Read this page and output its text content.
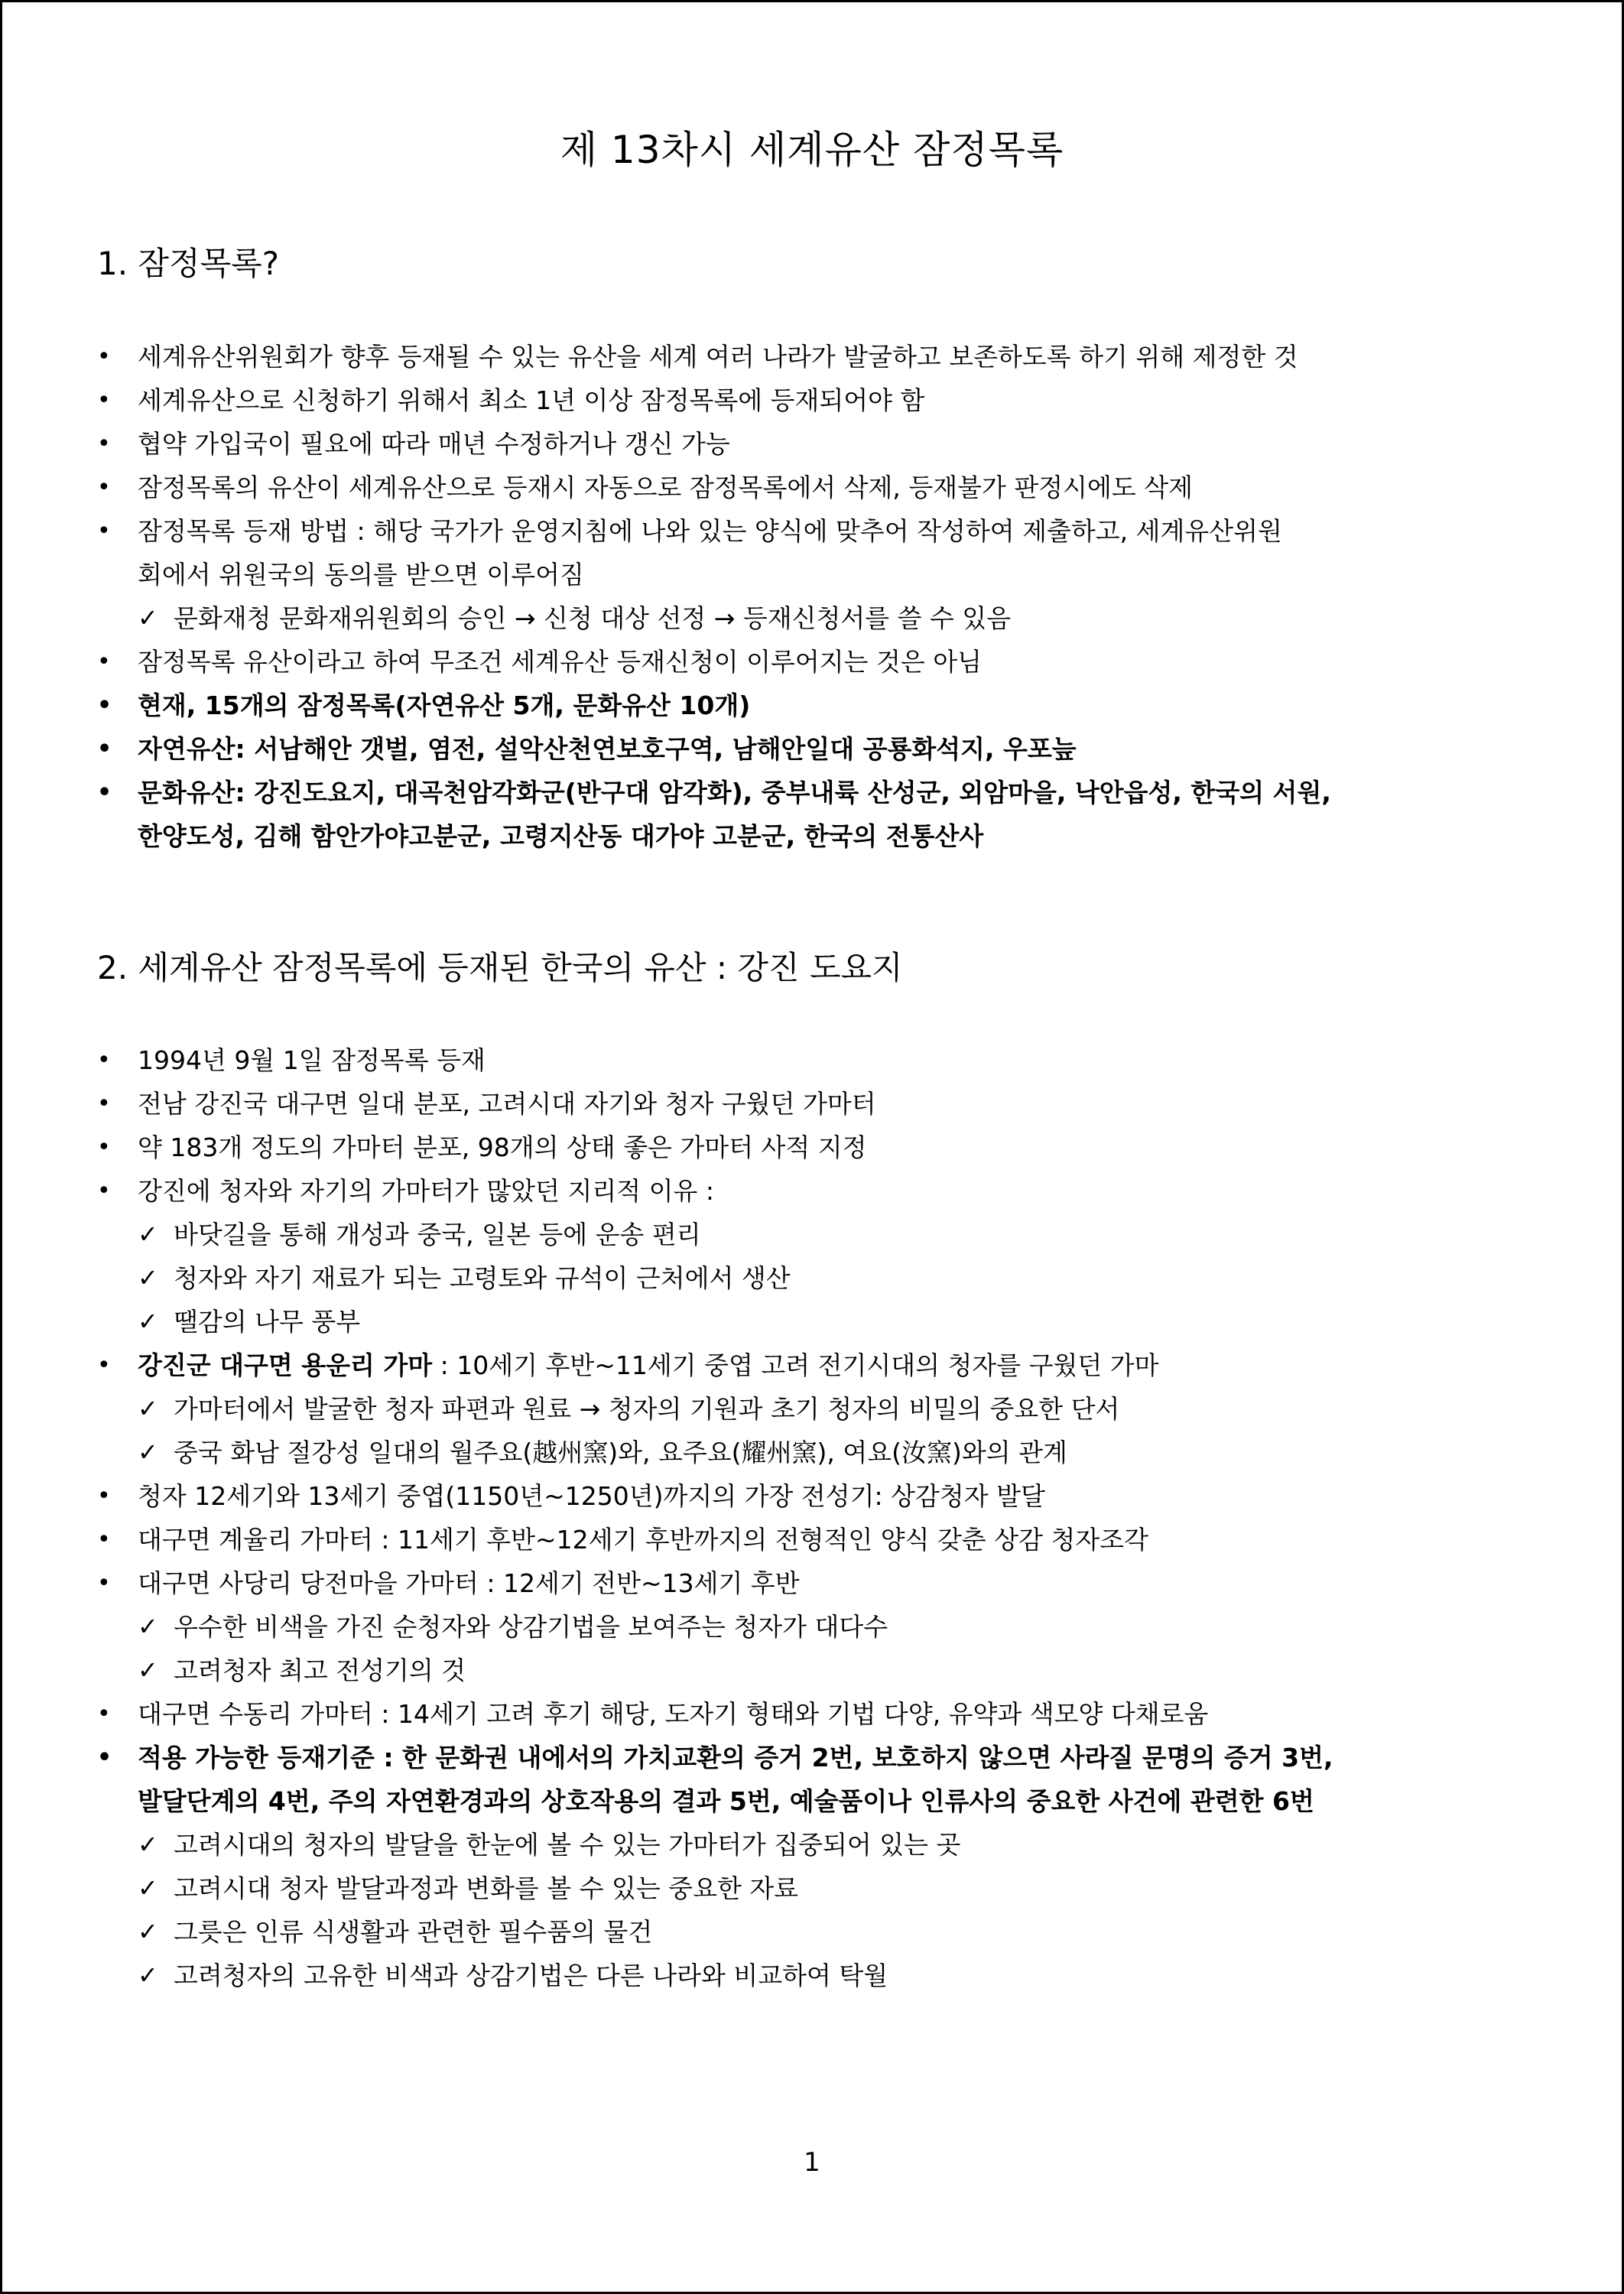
제 13차시 세계유산 잠정목록
1. 잠정목록?
•	세계유산위원회가 향후 등재될 수 있는 유산을 세계 여러 나라가 발굴하고 보존하도록 하기 위해 제정한 것
•	세계유산으로 신청하기 위해서 최소 1년 이상 잠정목록에 등재되어야 함
•	협약 가입국이 필요에 따라 매년 수정하거나 갱신 가능
•	잠정목록의 유산이 세계유산으로 등재시 자동으로 잠정목록에서 삭제, 등재불가 판정시에도 삭제
•	잠정목록 등재 방법 : 해당 국가가 운영지침에 나와 있는 양식에 맞추어 작성하여 제출하고, 세계유산위원
회에서 위원국의 동의를 받으면 이루어짐
✓ 문화재청 문화재위원회의 승인 → 신청 대상 선정 → 등재신청서를 쓸 수 있음
•	잠정목록 유산이라고 하여 무조건 세계유산 등재신청이 이루어지는 것은 아님
•	현재, 15개의 잠정목록(자연유산 5개, 문화유산 10개)
•	자연유산: 서남해안 갯벌, 염전, 설악산천연보호구역, 남해안일대 공룡화석지, 우포늪
•	문화유산: 강진도요지, 대곡천암각화군(반구대 암각화), 중부내륙 산성군, 외암마을, 낙안읍성, 한국의 서원,
한양도성, 김해 함안가야고분군, 고령지산동 대가야 고분군, 한국의 전통산사
2. 세계유산 잠정목록에 등재된 한국의 유산 : 강진 도요지
•	1994년 9월 1일 잠정목록 등재
•	전남 강진국 대구면 일대 분포, 고려시대 자기와 청자 구웠던 가마터
•	약 183개 정도의 가마터 분포, 98개의 상태 좋은 가마터 사적 지정
•	강진에 청자와 자기의 가마터가 많았던 지리적 이유 :
✓ 바닷길을 통해 개성과 중국, 일본 등에 운송 편리
✓ 청자와 자기 재료가 되는 고령토와 규석이 근처에서 생산
✓ 땔감의 나무 풍부
•	강진군 대구면 용운리 가마 : 10세기 후반~11세기 중엽 고려 전기시대의 청자를 구웠던 가마
✓ 가마터에서 발굴한 청자 파편과 원료 → 청자의 기원과 초기 청자의 비밀의 중요한 단서
✓ 중국 화남 절강성 일대의 월주요(越州窯)와, 요주요(耀州窯), 여요(汝窯)와의 관계
•	청자 12세기와 13세기 중엽(1150년~1250년)까지의 가장 전성기: 상감청자 발달
•	대구면 계율리 가마터 : 11세기 후반~12세기 후반까지의 전형적인 양식 갖춘 상감 청자조각
•	대구면 사당리 당전마을 가마터 : 12세기 전반~13세기 후반
✓ 우수한 비색을 가진 순청자와 상감기법을 보여주는 청자가 대다수
✓ 고려청자 최고 전성기의 것
•	대구면 수동리 가마터 : 14세기 고려 후기 해당, 도자기 형태와 기법 다양, 유약과 색모양 다채로움
•	적용 가능한 등재기준 : 한 문화권 내에서의 가치교환의 증거 2번, 보호하지 않으면 사라질 문명의 증거 3번,
발달단계의 4번, 주의 자연환경과의 상호작용의 결과 5번, 예술품이나 인류사의 중요한 사건에 관련한 6번
✓ 고려시대의 청자의 발달을 한눈에 볼 수 있는 가마터가 집중되어 있는 곳
✓ 고려시대 청자 발달과정과 변화를 볼 수 있는 중요한 자료
✓ 그릇은 인류 식생활과 관련한 필수품의 물건
✓ 고려청자의 고유한 비색과 상감기법은 다른 나라와 비교하여 탁월
1
